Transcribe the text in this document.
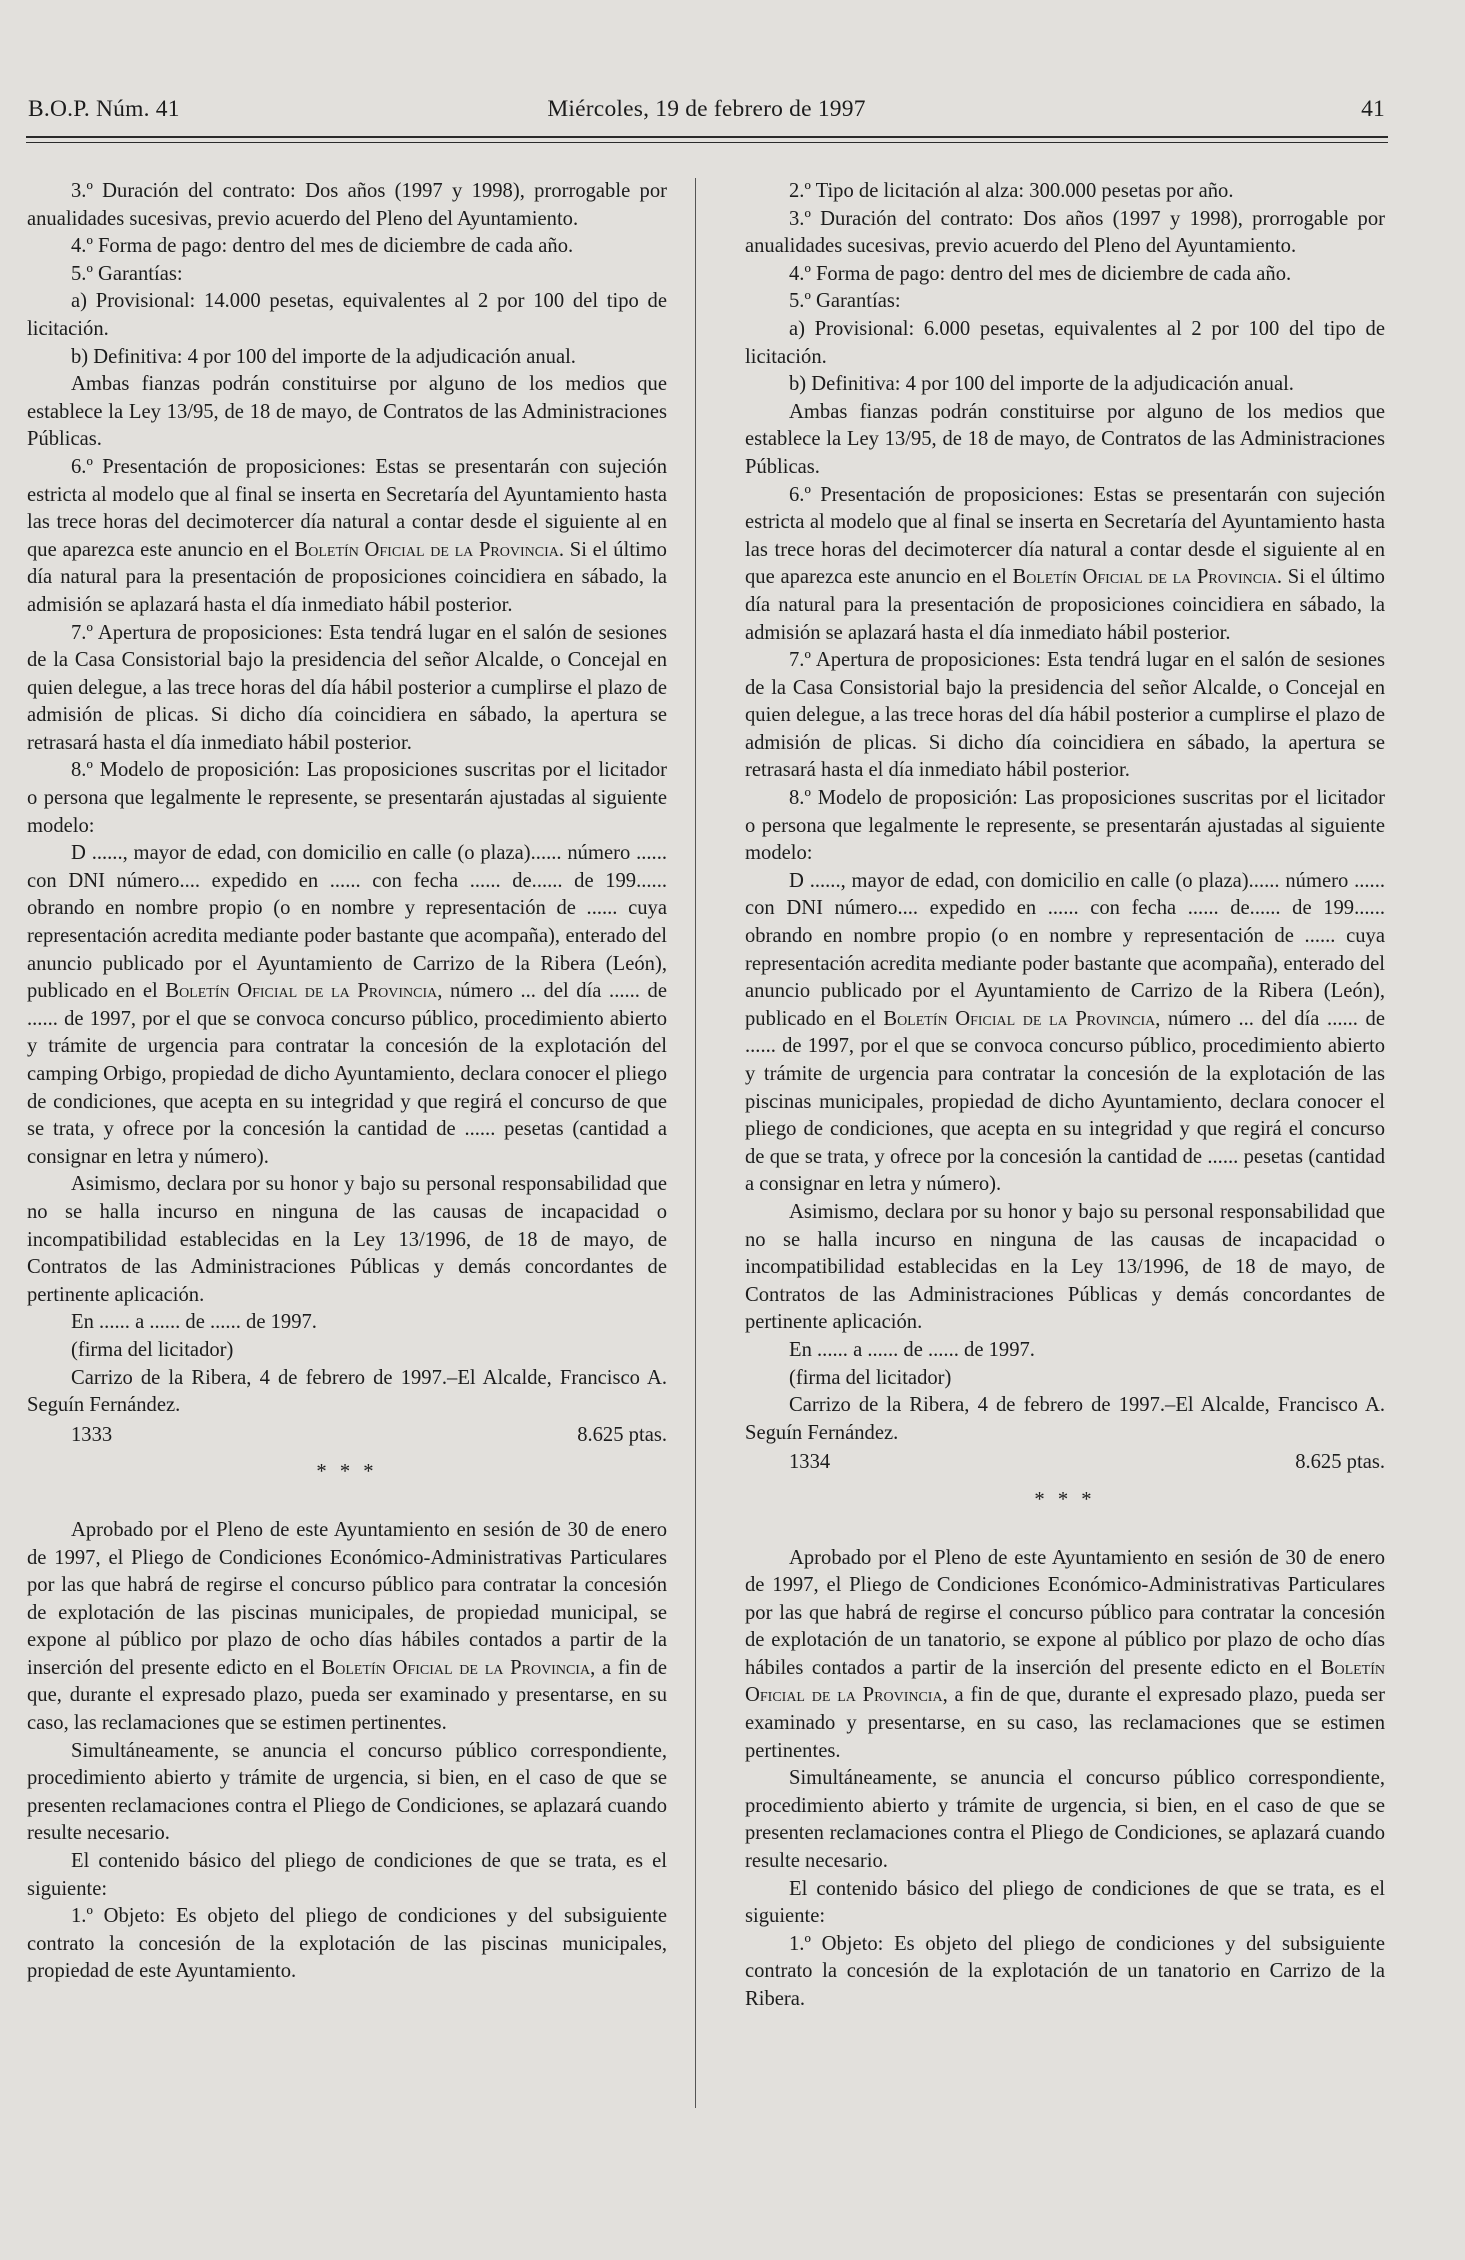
B.O.P. Núm. 41	Miércoles, 19 de febrero de 1997	41

3.º Duración del contrato: Dos años (1997 y 1998), prorrogable por anualidades sucesivas, previo acuerdo del Pleno del Ayuntamiento.

4.º Forma de pago: dentro del mes de diciembre de cada año.

5.º Garantías:

a) Provisional: 14.000 pesetas, equivalentes al 2 por 100 del tipo de licitación.

b) Definitiva: 4 por 100 del importe de la adjudicación anual.

Ambas fianzas podrán constituirse por alguno de los medios que establece la Ley 13/95, de 18 de mayo, de Contratos de las Administraciones Públicas.

6.º Presentación de proposiciones: Estas se presentarán con sujeción estricta al modelo que al final se inserta en Secretaría del Ayuntamiento hasta las trece horas del decimotercer día natural a contar desde el siguiente al en que aparezca este anuncio en el Boletín Oficial de la Provincia. Si el último día natural para la presentación de proposiciones coincidiera en sábado, la admisión se aplazará hasta el día inmediato hábil posterior.

7.º Apertura de proposiciones: Esta tendrá lugar en el salón de sesiones de la Casa Consistorial bajo la presidencia del señor Alcalde, o Concejal en quien delegue, a las trece horas del día hábil posterior a cumplirse el plazo de admisión de plicas. Si dicho día coincidiera en sábado, la apertura se retrasará hasta el día inmediato hábil posterior.

8.º Modelo de proposición: Las proposiciones suscritas por el licitador o persona que legalmente le represente, se presentarán ajustadas al siguiente modelo:

D ......, mayor de edad, con domicilio en calle (o plaza)...... número ...... con DNI número.... expedido en ...... con fecha ...... de...... de 199...... obrando en nombre propio (o en nombre y representación de ...... cuya representación acredita mediante poder bastante que acompaña), enterado del anuncio publicado por el Ayuntamiento de Carrizo de la Ribera (León), publicado en el Boletín Oficial de la Provincia, número ... del día ...... de ...... de 1997, por el que se convoca concurso público, procedimiento abierto y trámite de urgencia para contratar la concesión de la explotación del camping Orbigo, propiedad de dicho Ayuntamiento, declara conocer el pliego de condiciones, que acepta en su integridad y que regirá el concurso de que se trata, y ofrece por la concesión la cantidad de ...... pesetas (cantidad a consignar en letra y número).

Asimismo, declara por su honor y bajo su personal responsabilidad que no se halla incurso en ninguna de las causas de incapacidad o incompatibilidad establecidas en la Ley 13/1996, de 18 de mayo, de Contratos de las Administraciones Públicas y demás concordantes de pertinente aplicación.

En ...... a ...... de ...... de 1997.

(firma del licitador)

Carrizo de la Ribera, 4 de febrero de 1997.–El Alcalde, Francisco A. Seguín Fernández.

1333	8.625 ptas.
* * *

Aprobado por el Pleno de este Ayuntamiento en sesión de 30 de enero de 1997, el Pliego de Condiciones Económico-Administrativas Particulares por las que habrá de regirse el concurso público para contratar la concesión de explotación de las piscinas municipales, de propiedad municipal, se expone al público por plazo de ocho días hábiles contados a partir de la inserción del presente edicto en el Boletín Oficial de la Provincia, a fin de que, durante el expresado plazo, pueda ser examinado y presentarse, en su caso, las reclamaciones que se estimen pertinentes.

Simultáneamente, se anuncia el concurso público correspondiente, procedimiento abierto y trámite de urgencia, si bien, en el caso de que se presenten reclamaciones contra el Pliego de Condiciones, se aplazará cuando resulte necesario.

El contenido básico del pliego de condiciones de que se trata, es el siguiente:

1.º Objeto: Es objeto del pliego de condiciones y del subsiguiente contrato la concesión de la explotación de las piscinas municipales, propiedad de este Ayuntamiento.

2.º Tipo de licitación al alza: 300.000 pesetas por año.

3.º Duración del contrato: Dos años (1997 y 1998), prorrogable por anualidades sucesivas, previo acuerdo del Pleno del Ayuntamiento.

4.º Forma de pago: dentro del mes de diciembre de cada año.

5.º Garantías:

a) Provisional: 6.000 pesetas, equivalentes al 2 por 100 del tipo de licitación.

b) Definitiva: 4 por 100 del importe de la adjudicación anual.

Ambas fianzas podrán constituirse por alguno de los medios que establece la Ley 13/95, de 18 de mayo, de Contratos de las Administraciones Públicas.

6.º Presentación de proposiciones: Estas se presentarán con sujeción estricta al modelo que al final se inserta en Secretaría del Ayuntamiento hasta las trece horas del decimotercer día natural a contar desde el siguiente al en que aparezca este anuncio en el Boletín Oficial de la Provincia. Si el último día natural para la presentación de proposiciones coincidiera en sábado, la admisión se aplazará hasta el día inmediato hábil posterior.

7.º Apertura de proposiciones: Esta tendrá lugar en el salón de sesiones de la Casa Consistorial bajo la presidencia del señor Alcalde, o Concejal en quien delegue, a las trece horas del día hábil posterior a cumplirse el plazo de admisión de plicas. Si dicho día coincidiera en sábado, la apertura se retrasará hasta el día inmediato hábil posterior.

8.º Modelo de proposición: Las proposiciones suscritas por el licitador o persona que legalmente le represente, se presentarán ajustadas al siguiente modelo:

D ......, mayor de edad, con domicilio en calle (o plaza)...... número ...... con DNI número.... expedido en ...... con fecha ...... de...... de 199...... obrando en nombre propio (o en nombre y representación de ...... cuya representación acredita mediante poder bastante que acompaña), enterado del anuncio publicado por el Ayuntamiento de Carrizo de la Ribera (León), publicado en el Boletín Oficial de la Provincia, número ... del día ...... de ...... de 1997, por el que se convoca concurso público, procedimiento abierto y trámite de urgencia para contratar la concesión de la explotación de las piscinas municipales, propiedad de dicho Ayuntamiento, declara conocer el pliego de condiciones, que acepta en su integridad y que regirá el concurso de que se trata, y ofrece por la concesión la cantidad de ...... pesetas (cantidad a consignar en letra y número).

Asimismo, declara por su honor y bajo su personal responsabilidad que no se halla incurso en ninguna de las causas de incapacidad o incompatibilidad establecidas en la Ley 13/1996, de 18 de mayo, de Contratos de las Administraciones Públicas y demás concordantes de pertinente aplicación.

En ...... a ...... de ...... de 1997.

(firma del licitador)

Carrizo de la Ribera, 4 de febrero de 1997.–El Alcalde, Francisco A. Seguín Fernández.

1334	8.625 ptas.
* * *

Aprobado por el Pleno de este Ayuntamiento en sesión de 30 de enero de 1997, el Pliego de Condiciones Económico-Administrativas Particulares por las que habrá de regirse el concurso público para contratar la concesión de explotación de un tanatorio, se expone al público por plazo de ocho días hábiles contados a partir de la inserción del presente edicto en el Boletín Oficial de la Provincia, a fin de que, durante el expresado plazo, pueda ser examinado y presentarse, en su caso, las reclamaciones que se estimen pertinentes.

Simultáneamente, se anuncia el concurso público correspondiente, procedimiento abierto y trámite de urgencia, si bien, en el caso de que se presenten reclamaciones contra el Pliego de Condiciones, se aplazará cuando resulte necesario.

El contenido básico del pliego de condiciones de que se trata, es el siguiente:

1.º Objeto: Es objeto del pliego de condiciones y del subsiguiente contrato la concesión de la explotación de un tanatorio en Carrizo de la Ribera.
